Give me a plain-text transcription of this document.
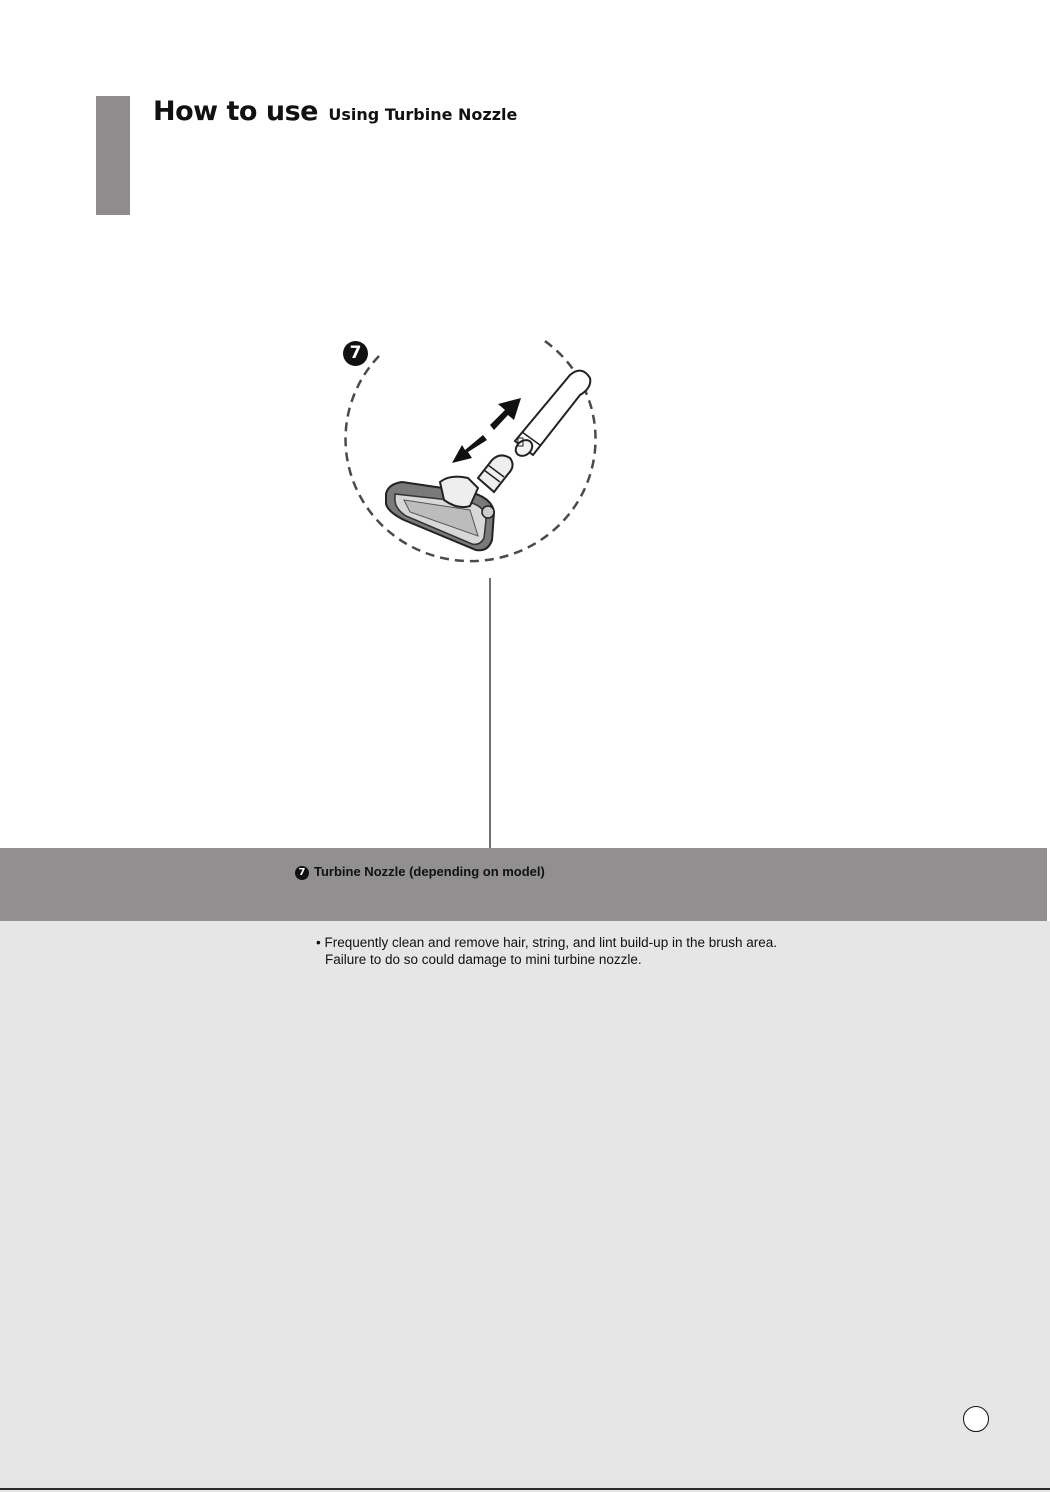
How to use Using Turbine Nozzle
7
7 Turbine Nozzle (depending on model)
• Frequently clean and remove hair, string, and lint build-up in the brush area.
Failure to do so could damage to mini turbine nozzle.
